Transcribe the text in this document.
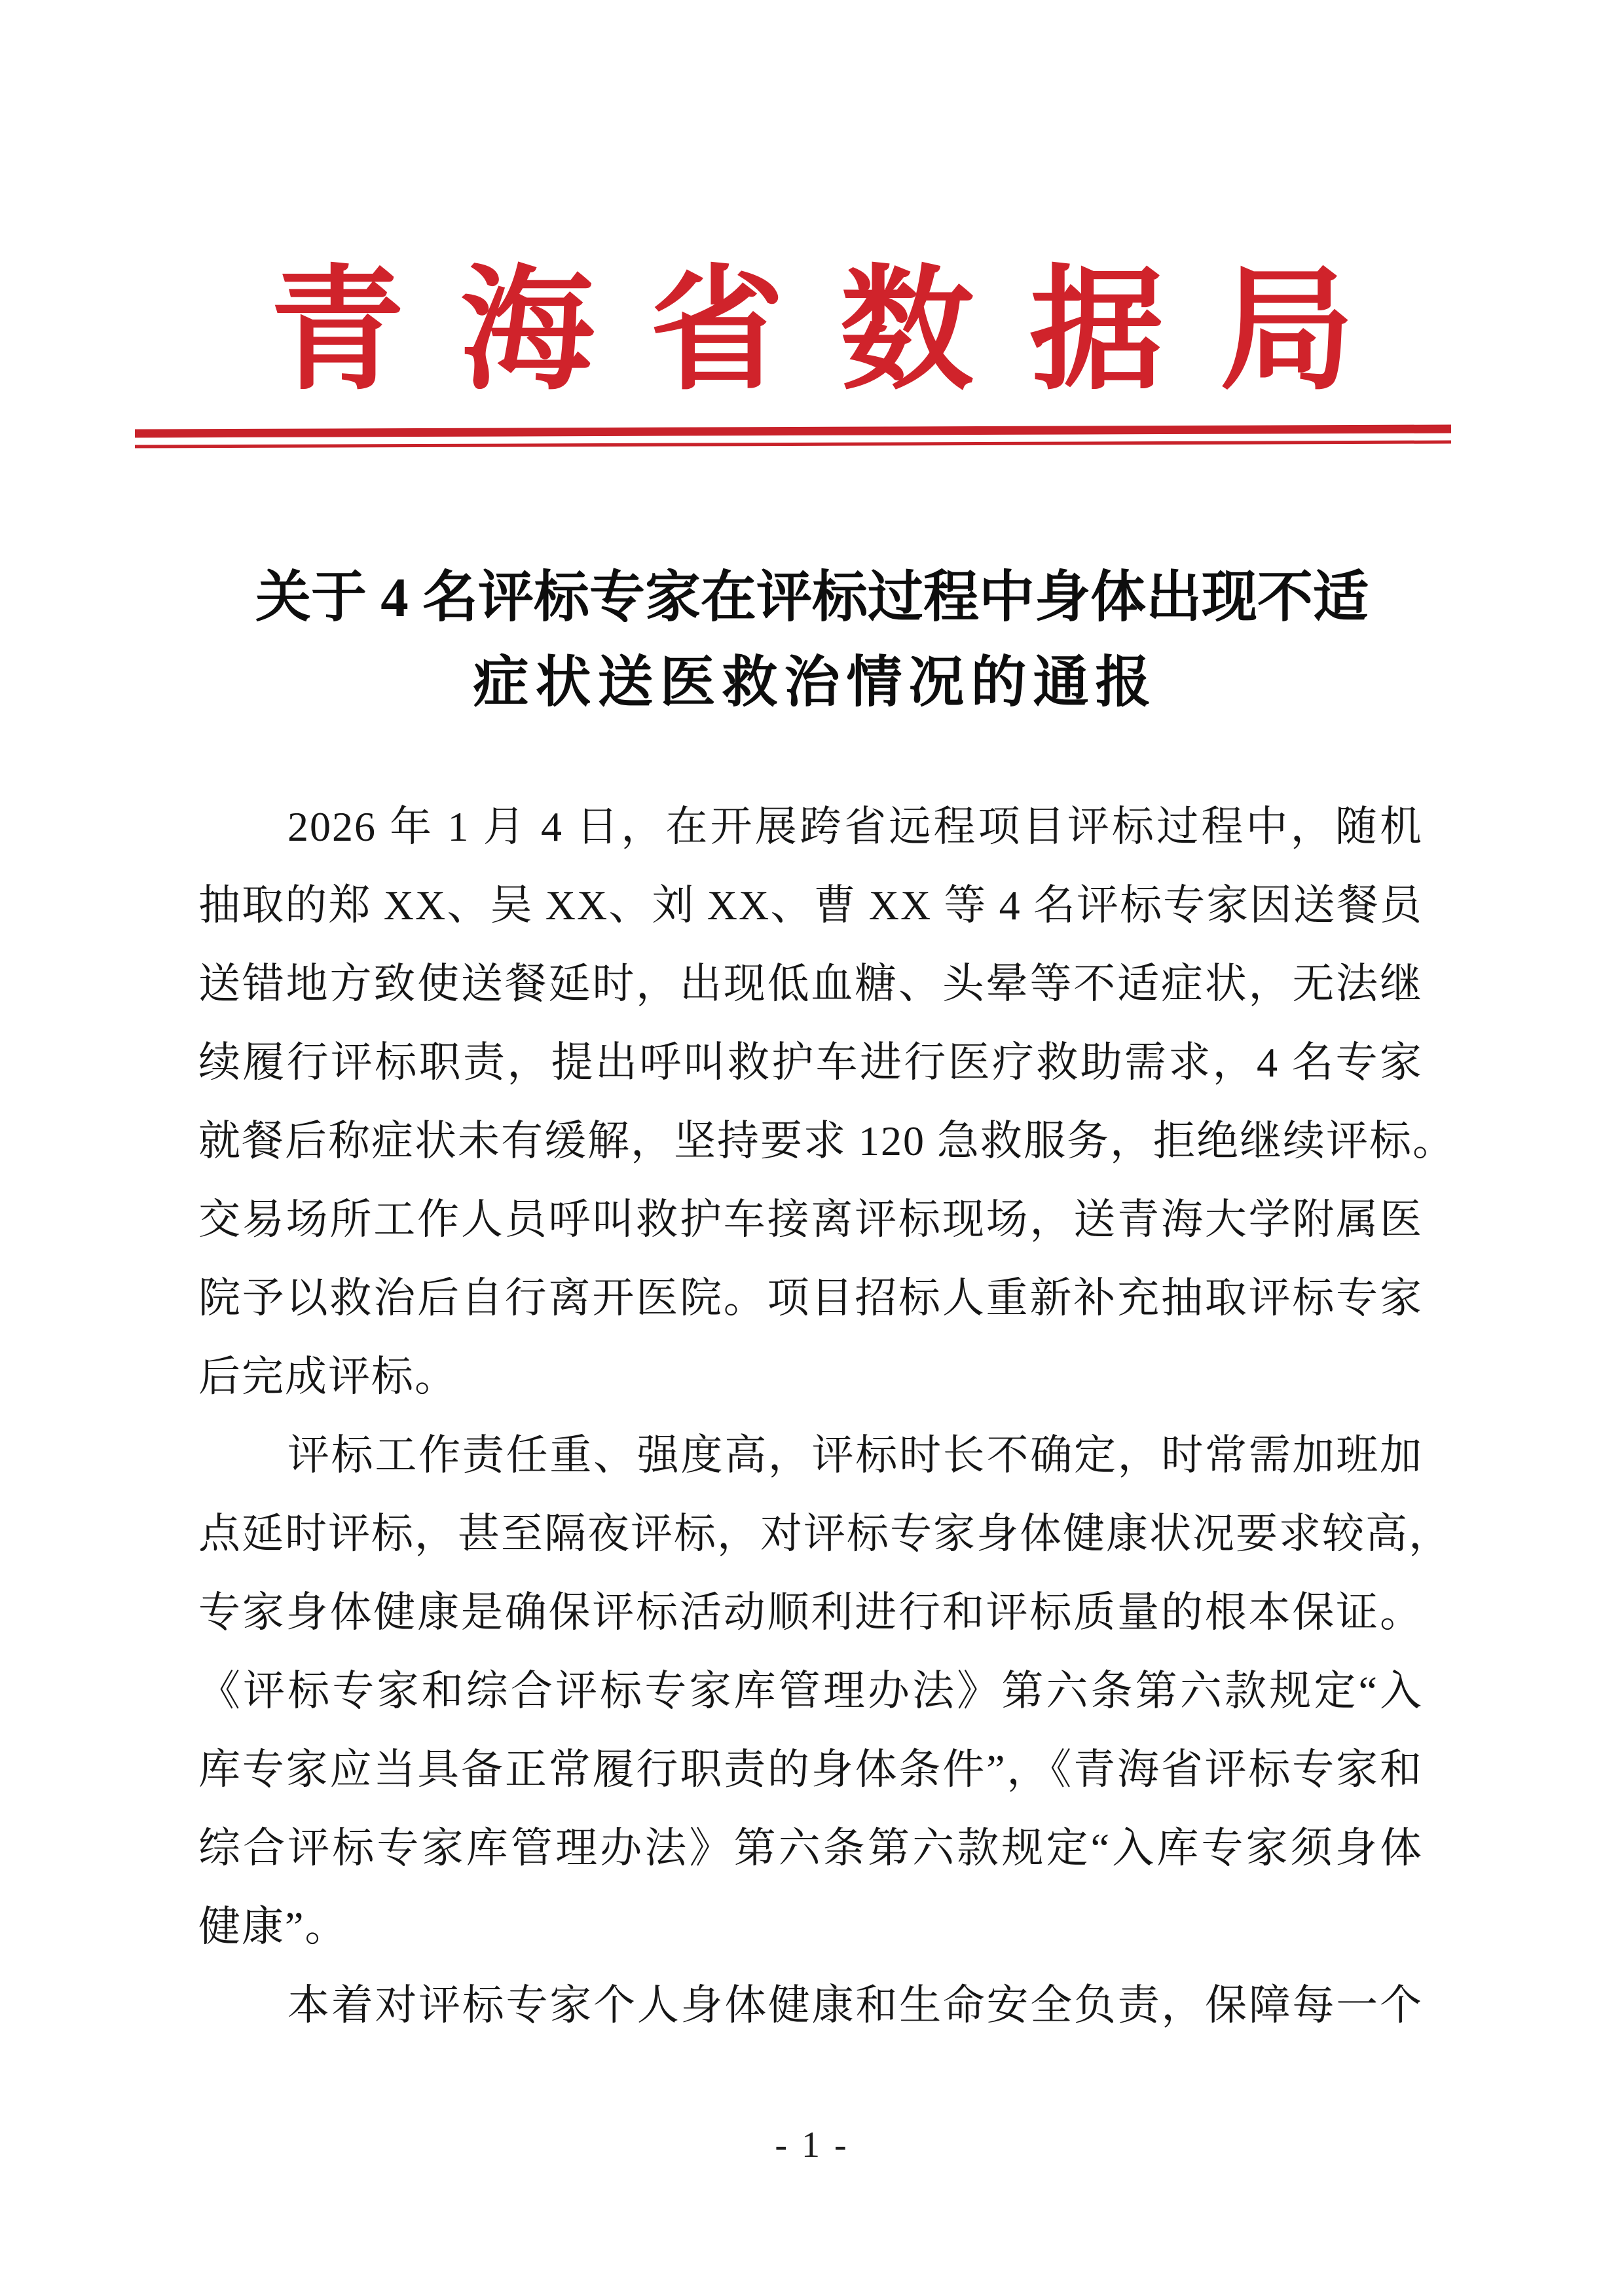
青海省数据局
关于 4 名评标专家在评标过程中身体出现不适
症状送医救治情况的通报
2026 年 1 月 4 日，在开展跨省远程项目评标过程中，随机
抽取的郑 XX、吴 XX、刘 XX、曹 XX 等 4 名评标专家因送餐员
送错地方致使送餐延时，出现低血糖、头晕等不适症状，无法继
续履行评标职责，提出呼叫救护车进行医疗救助需求，4 名专家
就餐后称症状未有缓解，坚持要求 120 急救服务，拒绝继续评标。
交易场所工作人员呼叫救护车接离评标现场，送青海大学附属医
院予以救治后自行离开医院。项目招标人重新补充抽取评标专家
后完成评标。
评标工作责任重、强度高，评标时长不确定，时常需加班加
点延时评标，甚至隔夜评标，对评标专家身体健康状况要求较高，
专家身体健康是确保评标活动顺利进行和评标质量的根本保证。
《评标专家和综合评标专家库管理办法》第六条第六款规定“入
库专家应当具备正常履行职责的身体条件”，《青海省评标专家和
综合评标专家库管理办法》第六条第六款规定“入库专家须身体
健康”。
本着对评标专家个人身体健康和生命安全负责，保障每一个
- 1 -
